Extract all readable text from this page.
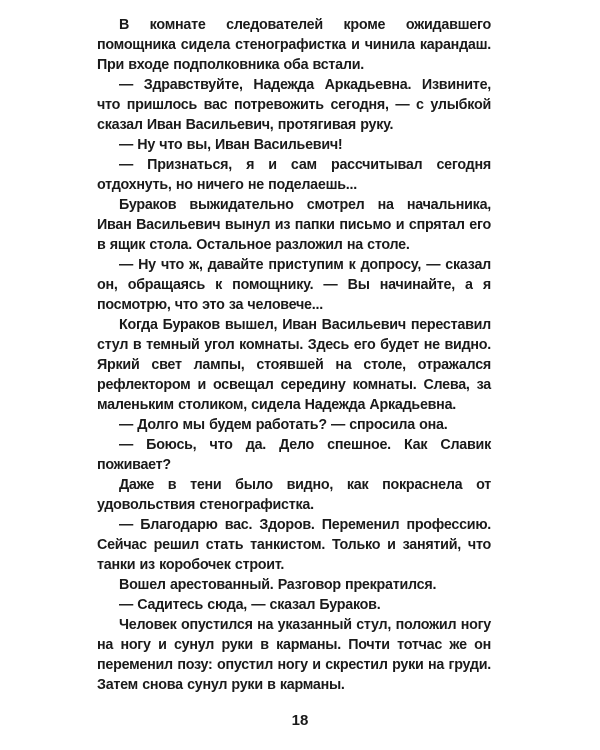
В комнате следователей кроме ожидавшего помощника сидела стенографистка и чинила карандаш. При входе подполковника оба встали.

— Здравствуйте, Надежда Аркадьевна. Извините, что пришлось вас потревожить сегодня, — с улыбкой сказал Иван Васильевич, протягивая руку.

— Ну что вы, Иван Васильевич!

— Признаться, я и сам рассчитывал сегодня отдохнуть, но ничего не поделаешь...

Бураков выжидательно смотрел на начальника, Иван Васильевич вынул из папки письмо и спрятал его в ящик стола. Остальное разложил на столе.

— Ну что ж, давайте приступим к допросу, — сказал он, обращаясь к помощнику. — Вы начинайте, а я посмотрю, что это за человече...

Когда Бураков вышел, Иван Васильевич переставил стул в темный угол комнаты. Здесь его будет не видно. Яркий свет лампы, стоявшей на столе, отражался рефлектором и освещал середину комнаты. Слева, за маленьким столиком, сидела Надежда Аркадьевна.

— Долго мы будем работать? — спросила она.

— Боюсь, что да. Дело спешное. Как Славик поживает?

Даже в тени было видно, как покраснела от удовольствия стенографистка.

— Благодарю вас. Здоров. Переменил профессию. Сейчас решил стать танкистом. Только и занятий, что танки из коробочек строит.

Вошел арестованный. Разговор прекратился.

— Садитесь сюда, — сказал Бураков.

Человек опустился на указанный стул, положил ногу на ногу и сунул руки в карманы. Почти тотчас же он переменил позу: опустил ногу и скрестил руки на груди. Затем снова сунул руки в карманы.

18
